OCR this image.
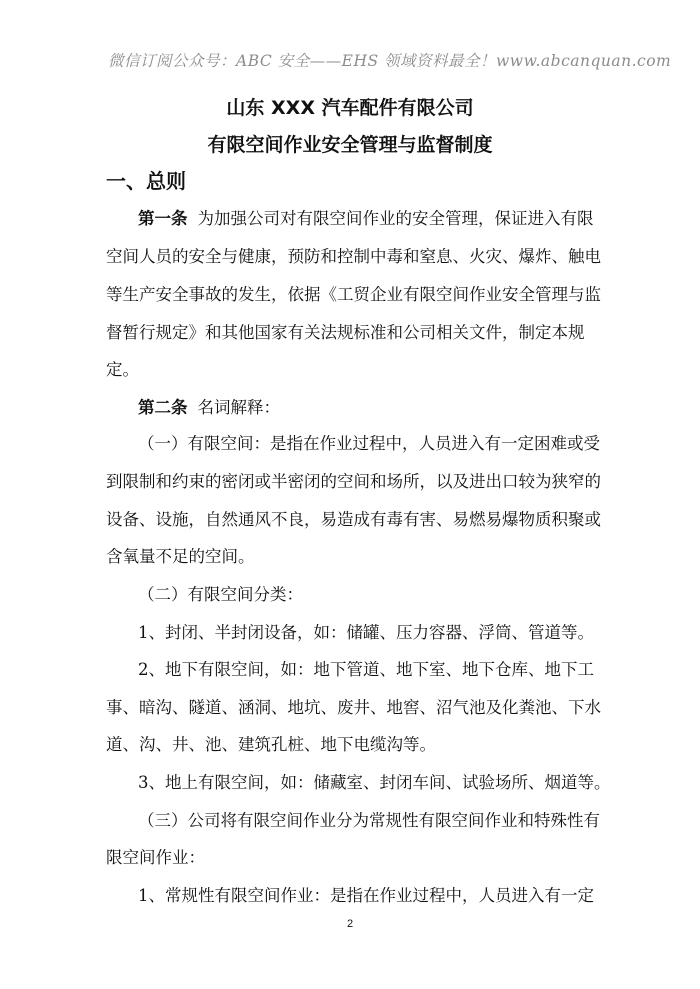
微信订阅公众号：ABC 安全——EHS 领域资料最全！www.abcanquan.com
山东 XXX 汽车配件有限公司
有限空间作业安全管理与监督制度
一、总则
第一条 为加强公司对有限空间作业的安全管理，保证进入有限
空间人员的安全与健康，预防和控制中毒和窒息、火灾、爆炸、触电
等生产安全事故的发生，依据《工贸企业有限空间作业安全管理与监
督暂行规定》和其他国家有关法规标准和公司相关文件，制定本规
定。
第二条 名词解释：
（一）有限空间：是指在作业过程中，人员进入有一定困难或受
到限制和约束的密闭或半密闭的空间和场所，以及进出口较为狭窄的
设备、设施，自然通风不良，易造成有毒有害、易燃易爆物质积聚或
含氧量不足的空间。
（二）有限空间分类：
1、封闭、半封闭设备，如：储罐、压力容器、浮筒、管道等。
2、地下有限空间，如：地下管道、地下室、地下仓库、地下工
事、暗沟、隧道、涵洞、地坑、废井、地窖、沼气池及化粪池、下水
道、沟、井、池、建筑孔桩、地下电缆沟等。
3、地上有限空间，如：储藏室、封闭车间、试验场所、烟道等。
（三）公司将有限空间作业分为常规性有限空间作业和特殊性有
限空间作业：
1、常规性有限空间作业：是指在作业过程中，人员进入有一定
2
